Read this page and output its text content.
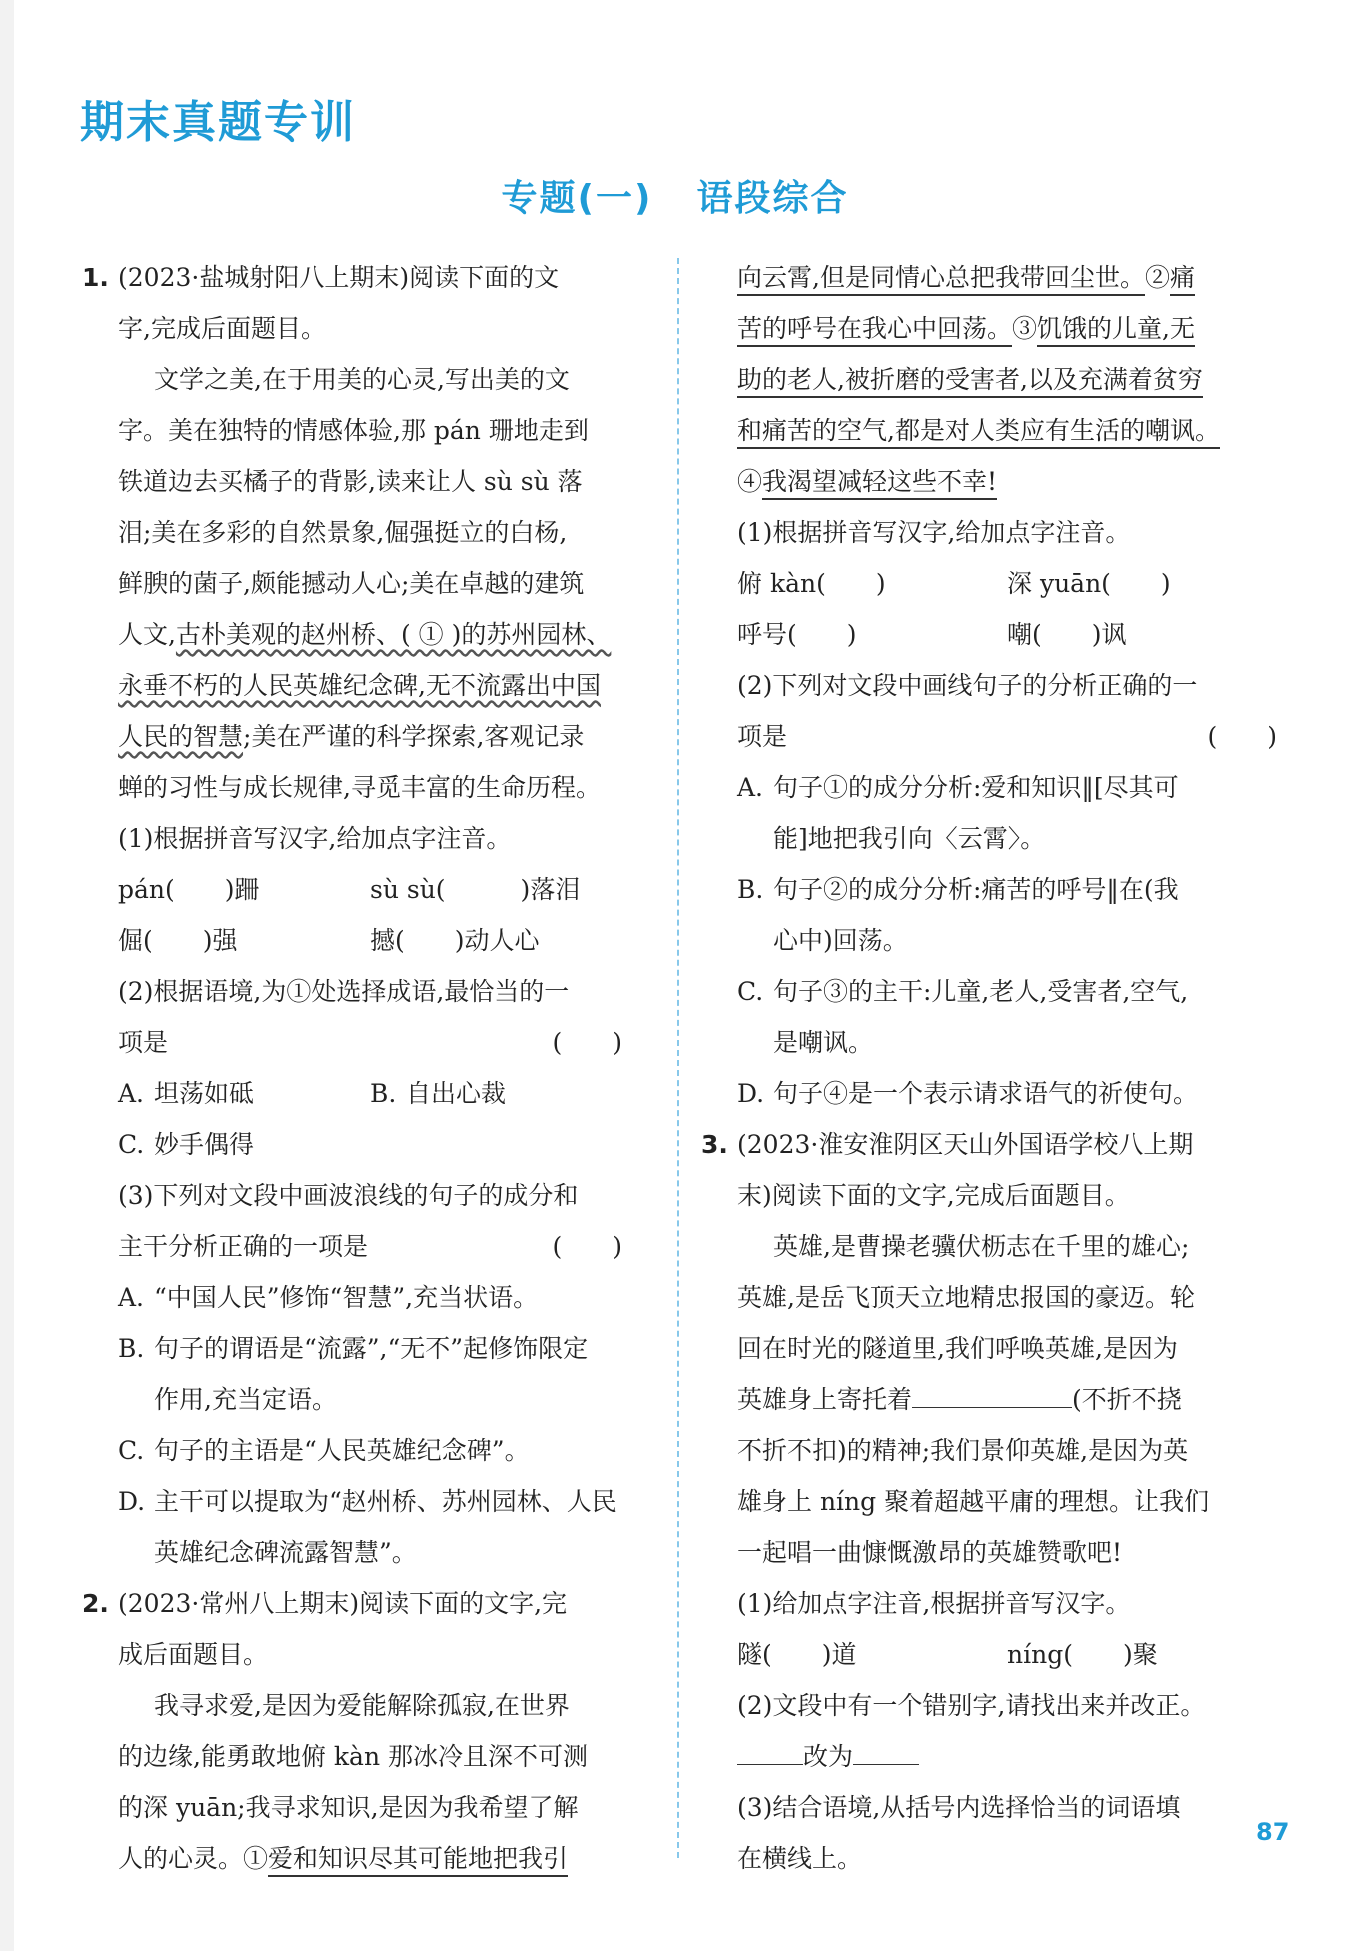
期末真题专训
专题(一) 语段综合
1. (2023·盐城射阳八上期末)阅读下面的文
字,完成后面题目。
文学之美,在于用美的心灵,写出美的文
字。美在独特的情感体验,那 pán 珊地走到
铁道边去买橘子的背影,读来让人 sù sù 落
泪;美在多彩的自然景象,倔强挺立的白杨,
鲜腴的菌子,颇能撼动人心;美在卓越的建筑
人文,古朴美观的赵州桥、( ① )的苏州园林、
永垂不朽的人民英雄纪念碑,无不流露出中国
人民的智慧;美在严谨的科学探索,客观记录
蝉的习性与成长规律,寻觅丰富的生命历程。
(1)根据拼音写汉字,给加点字注音。
pán(　　)跚	sù sù(　　　)落泪
倔(　　)强	撼(　　)动人心
(2)根据语境,为①处选择成语,最恰当的一
项是	(　　)
A. 坦荡如砥	B. 自出心裁
C. 妙手偶得
(3)下列对文段中画波浪线的句子的成分和
主干分析正确的一项是	(　　)
A. “中国人民”修饰“智慧”,充当状语。
B. 句子的谓语是“流露”,“无不”起修饰限定
作用,充当定语。
C. 句子的主语是“人民英雄纪念碑”。
D. 主干可以提取为“赵州桥、苏州园林、人民
英雄纪念碑流露智慧”。
2. (2023·常州八上期末)阅读下面的文字,完
成后面题目。
我寻求爱,是因为爱能解除孤寂,在世界
的边缘,能勇敢地俯 kàn 那冰冷且深不可测
的深 yuān;我寻求知识,是因为我希望了解
人的心灵。①爱和知识尽其可能地把我引
向云霄,但是同情心总把我带回尘世。②痛
苦的呼号在我心中回荡。③饥饿的儿童,无
助的老人,被折磨的受害者,以及充满着贫穷
和痛苦的空气,都是对人类应有生活的嘲讽。
④我渴望减轻这些不幸!
(1)根据拼音写汉字,给加点字注音。
俯 kàn(　　)	深 yuān(　　)
呼号(　　)	嘲(　　)讽
(2)下列对文段中画线句子的分析正确的一
项是	(　　)
A. 句子①的成分分析:爱和知识‖[尽其可
能]地把我引向〈云霄〉。
B. 句子②的成分分析:痛苦的呼号‖在(我
心中)回荡。
C. 句子③的主干:儿童,老人,受害者,空气,
是嘲讽。
D. 句子④是一个表示请求语气的祈使句。
3. (2023·淮安淮阴区天山外国语学校八上期
末)阅读下面的文字,完成后面题目。
英雄,是曹操老骥伏枥志在千里的雄心;
英雄,是岳飞顶天立地精忠报国的豪迈。轮
回在时光的隧道里,我们呼唤英雄,是因为
英雄身上寄托着	(不折不挠
不折不扣)的精神;我们景仰英雄,是因为英
雄身上 níng 聚着超越平庸的理想。让我们
一起唱一曲慷慨激昂的英雄赞歌吧!
(1)给加点字注音,根据拼音写汉字。
隧(　　)道	níng(　　)聚
(2)文段中有一个错别字,请找出来并改正。
改为
(3)结合语境,从括号内选择恰当的词语填
在横线上。
87
